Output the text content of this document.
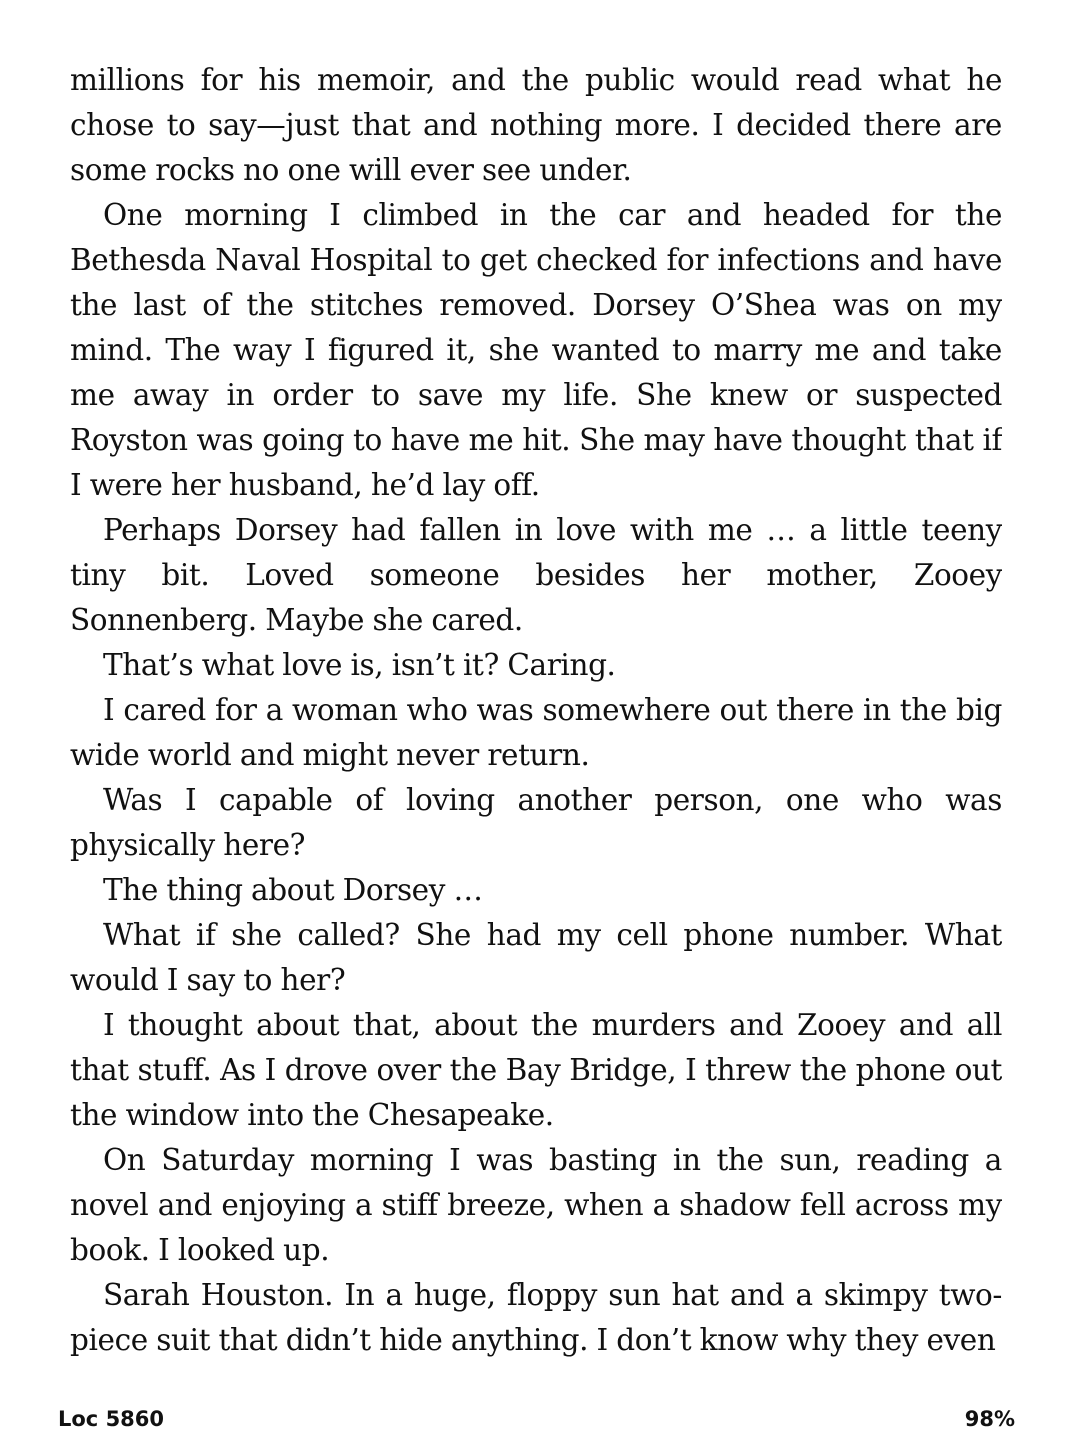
millions for his memoir, and the public would read what he chose to say—just that and nothing more. I decided there are some rocks no one will ever see under.

One morning I climbed in the car and headed for the Bethesda Naval Hospital to get checked for infections and have the last of the stitches removed. Dorsey O’Shea was on my mind. The way I figured it, she wanted to marry me and take me away in order to save my life. She knew or suspected Royston was going to have me hit. She may have thought that if I were her husband, he’d lay off.

Perhaps Dorsey had fallen in love with me … a little teeny tiny bit. Loved someone besides her mother, Zooey Sonnenberg. Maybe she cared.

That’s what love is, isn’t it? Caring.

I cared for a woman who was somewhere out there in the big wide world and might never return.

Was I capable of loving another person, one who was physically here?

The thing about Dorsey …

What if she called? She had my cell phone number. What would I say to her?

I thought about that, about the murders and Zooey and all that stuff. As I drove over the Bay Bridge, I threw the phone out the window into the Chesapeake.

On Saturday morning I was basting in the sun, reading a novel and enjoying a stiff breeze, when a shadow fell across my book. I looked up.

Sarah Houston. In a huge, floppy sun hat and a skimpy two-piece suit that didn’t hide anything. I don’t know why they even

Loc 5860	98%
